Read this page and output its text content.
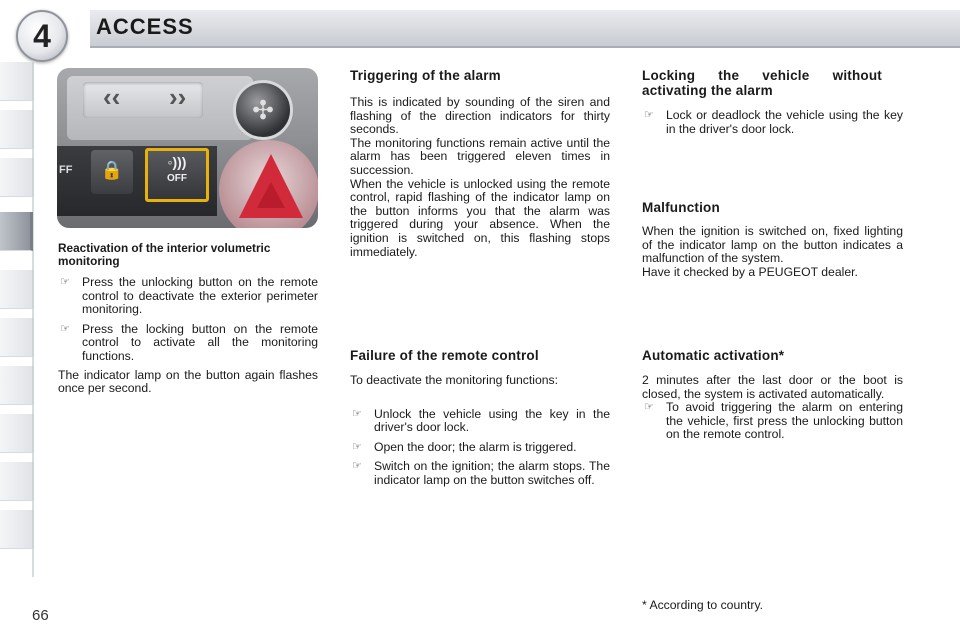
4	ACCESS
‹‹ ››	✣
FF	🔒	◦)))
OFF

Reactivation of the interior volumetric monitoring

☞ Press the unlocking button on the remote control to deactivate the exterior perimeter monitoring.

☞ Press the locking button on the remote control to activate all the monitoring functions.

The indicator lamp on the button again flashes once per second.

Triggering of the alarm

This is indicated by sounding of the siren and flashing of the direction indicators for thirty seconds.

The monitoring functions remain active until the alarm has been triggered eleven times in succession.

When the vehicle is unlocked using the remote control, rapid flashing of the indicator lamp on the button informs you that the alarm was triggered during your absence. When the ignition is switched on, this flashing stops immediately.

Failure of the remote control

To deactivate the monitoring functions:

☞ Unlock the vehicle using the key in the driver's door lock.

☞ Open the door; the alarm is triggered.

☞ Switch on the ignition; the alarm stops. The indicator lamp on the button switches off.

Locking the vehicle without activating the alarm

☞ Lock or deadlock the vehicle using the key in the driver's door lock.

Malfunction

When the ignition is switched on, fixed lighting of the indicator lamp on the button indicates a malfunction of the system.

Have it checked by a PEUGEOT dealer.

Automatic activation*

2 minutes after the last door or the boot is closed, the system is activated automatically.

☞ To avoid triggering the alarm on entering the vehicle, first press the unlocking button on the remote control.

66
* According to country.
